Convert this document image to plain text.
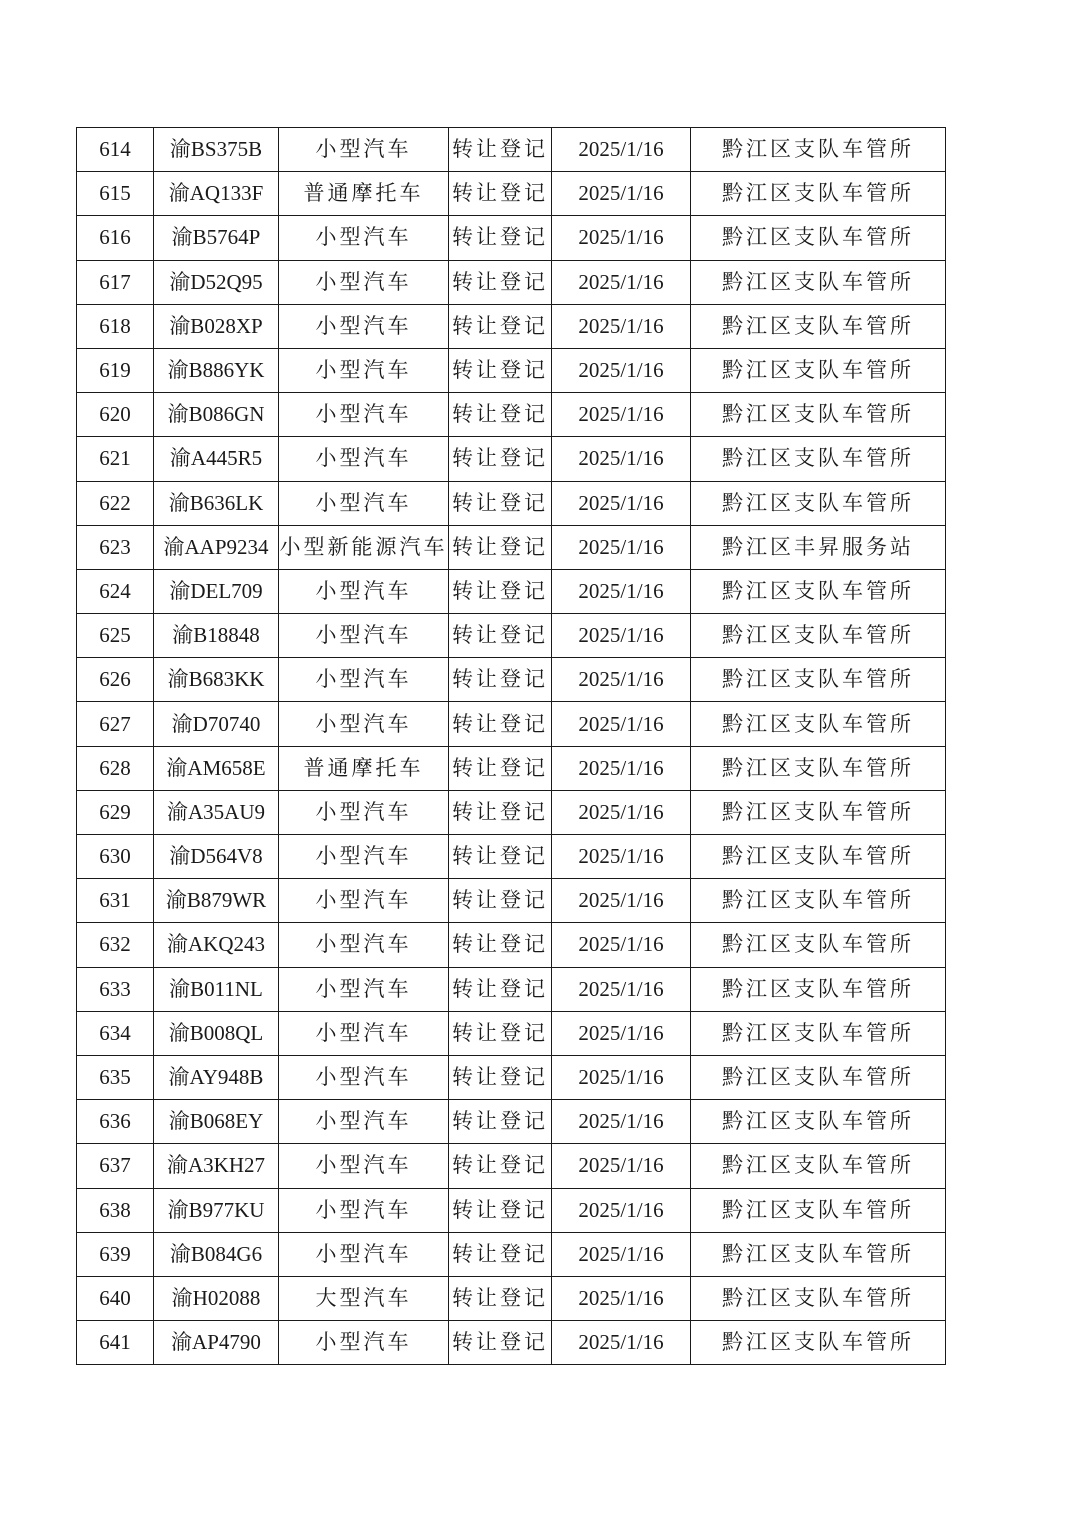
614	渝BS375B	小型汽车	转让登记	2025/1/16	黔江区支队车管所
615	渝AQ133F	普通摩托车	转让登记	2025/1/16	黔江区支队车管所
616	渝B5764P	小型汽车	转让登记	2025/1/16	黔江区支队车管所
617	渝D52Q95	小型汽车	转让登记	2025/1/16	黔江区支队车管所
618	渝B028XP	小型汽车	转让登记	2025/1/16	黔江区支队车管所
619	渝B886YK	小型汽车	转让登记	2025/1/16	黔江区支队车管所
620	渝B086GN	小型汽车	转让登记	2025/1/16	黔江区支队车管所
621	渝A445R5	小型汽车	转让登记	2025/1/16	黔江区支队车管所
622	渝B636LK	小型汽车	转让登记	2025/1/16	黔江区支队车管所
623	渝AAP9234	小型新能源汽车	转让登记	2025/1/16	黔江区丰昇服务站
624	渝DEL709	小型汽车	转让登记	2025/1/16	黔江区支队车管所
625	渝B18848	小型汽车	转让登记	2025/1/16	黔江区支队车管所
626	渝B683KK	小型汽车	转让登记	2025/1/16	黔江区支队车管所
627	渝D70740	小型汽车	转让登记	2025/1/16	黔江区支队车管所
628	渝AM658E	普通摩托车	转让登记	2025/1/16	黔江区支队车管所
629	渝A35AU9	小型汽车	转让登记	2025/1/16	黔江区支队车管所
630	渝D564V8	小型汽车	转让登记	2025/1/16	黔江区支队车管所
631	渝B879WR	小型汽车	转让登记	2025/1/16	黔江区支队车管所
632	渝AKQ243	小型汽车	转让登记	2025/1/16	黔江区支队车管所
633	渝B011NL	小型汽车	转让登记	2025/1/16	黔江区支队车管所
634	渝B008QL	小型汽车	转让登记	2025/1/16	黔江区支队车管所
635	渝AY948B	小型汽车	转让登记	2025/1/16	黔江区支队车管所
636	渝B068EY	小型汽车	转让登记	2025/1/16	黔江区支队车管所
637	渝A3KH27	小型汽车	转让登记	2025/1/16	黔江区支队车管所
638	渝B977KU	小型汽车	转让登记	2025/1/16	黔江区支队车管所
639	渝B084G6	小型汽车	转让登记	2025/1/16	黔江区支队车管所
640	渝H02088	大型汽车	转让登记	2025/1/16	黔江区支队车管所
641	渝AP4790	小型汽车	转让登记	2025/1/16	黔江区支队车管所
